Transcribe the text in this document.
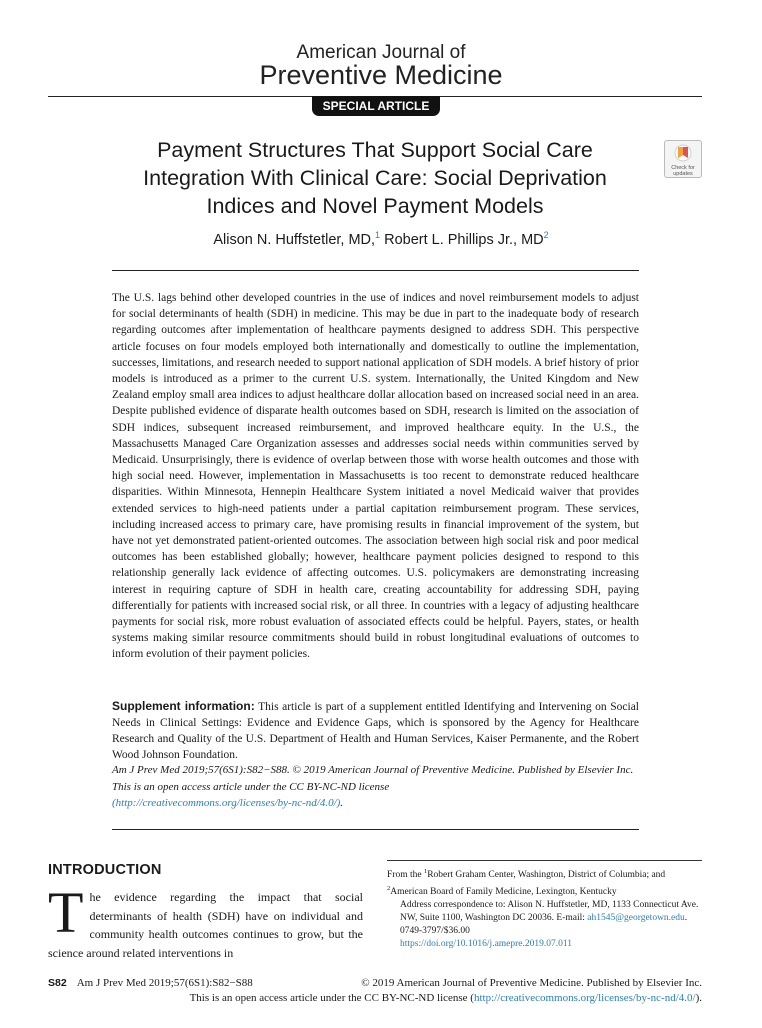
American Journal of
Preventive Medicine
SPECIAL ARTICLE
Payment Structures That Support Social Care Integration With Clinical Care: Social Deprivation Indices and Novel Payment Models
Check for updates
Alison N. Huffstetler, MD,$^1$ Robert L. Phillips Jr., $MD^2$

The U.S. lags behind other developed countries in the use of indices and novel reimbursement models to adjust for social determinants of health (SDH) in medicine. This may be due in part to the inadequate body of research regarding outcomes after implementation of healthcare payments designed to address SDH. This perspective article focuses on four models employed both internationally and domestically to outline the implementation, successes, limitations, and research needed to support national application of SDH models. A brief history of prior models is introduced as a primer to the current U.S. system. Internationally, the United Kingdom and New Zealand employ small area indices to adjust healthcare dollar allocation based on increased social need in an area. Despite published evidence of disparate health outcomes based on SDH, research is limited on the association of SDH indices, subsequent increased reimbursement, and improved healthcare equity. In the U.S., the Massachusetts Managed Care Organization assesses and addresses social needs within communities served by Medicaid. Unsurprisingly, there is evidence of overlap between those with worse health outcomes and those with high social need. However, implementation in Massachusetts is too recent to demonstrate reduced healthcare disparities. Within Minnesota, Hennepin Healthcare System initiated a novel Medicaid waiver that provides extended services to high-need patients under a partial capitation reimbursement program. These services, including increased access to primary care, have promising results in financial improvement of the system, but have not yet demonstrated patient-oriented outcomes. The association between high social risk and poor medical outcomes has been established globally; however, healthcare payment policies designed to respond to this relationship generally lack evidence of affecting outcomes. U.S. policymakers are demonstrating increasing interest in requiring capture of SDH in health care, creating accountability for addressing SDH, paying differentially for patients with increased social risk, or all three. In countries with a legacy of adjusting healthcare payments for social risk, more robust evaluation of associated effects could be helpful. Payers, states, or health systems making similar resource commitments should build in robust longitudinal evaluations of outcomes to inform evolution of their payment policies.

Supplement information: This article is part of a supplement entitled Identifying and Intervening on Social Needs in Clinical Settings: Evidence and Evidence Gaps, which is sponsored by the Agency for Healthcare Research and Quality of the U.S. Department of Health and Human Services, Kaiser Permanente, and the Robert Wood Johnson Foundation.

Am J Prev Med 2019;57(6S1):S82−S88. © 2019 American Journal of Preventive Medicine. Published by Elsevier Inc. This is an open access article under the CC BY-NC-ND license
(http://creativecommons.org/licenses/by-nc-nd/4.0/).

INTRODUCTION

The evidence regarding the impact that social determinants of health (SDH) have on individual and community health outcomes continues to grow, but the science around related interventions in

From the $^1$Robert Graham Center, Washington, District of Columbia; and $^2$American Board of Family Medicine, Lexington, Kentucky
Address correspondence to: Alison N. Huffstetler, MD, 1133 Connecticut Ave. NW, Suite 1100, Washington DC 20036. E-mail: ah1545@georgetown.edu.
0749-3797/$36.00
https://doi.org/10.1016/j.amepre.2019.07.011

S82 Am J Prev Med 2019;57(6S1):S82−S88	© 2019 American Journal of Preventive Medicine. Published by Elsevier Inc.
This is an open access article under the CC BY-NC-ND license (http://creativecommons.org/licenses/by-nc-nd/4.0/).
